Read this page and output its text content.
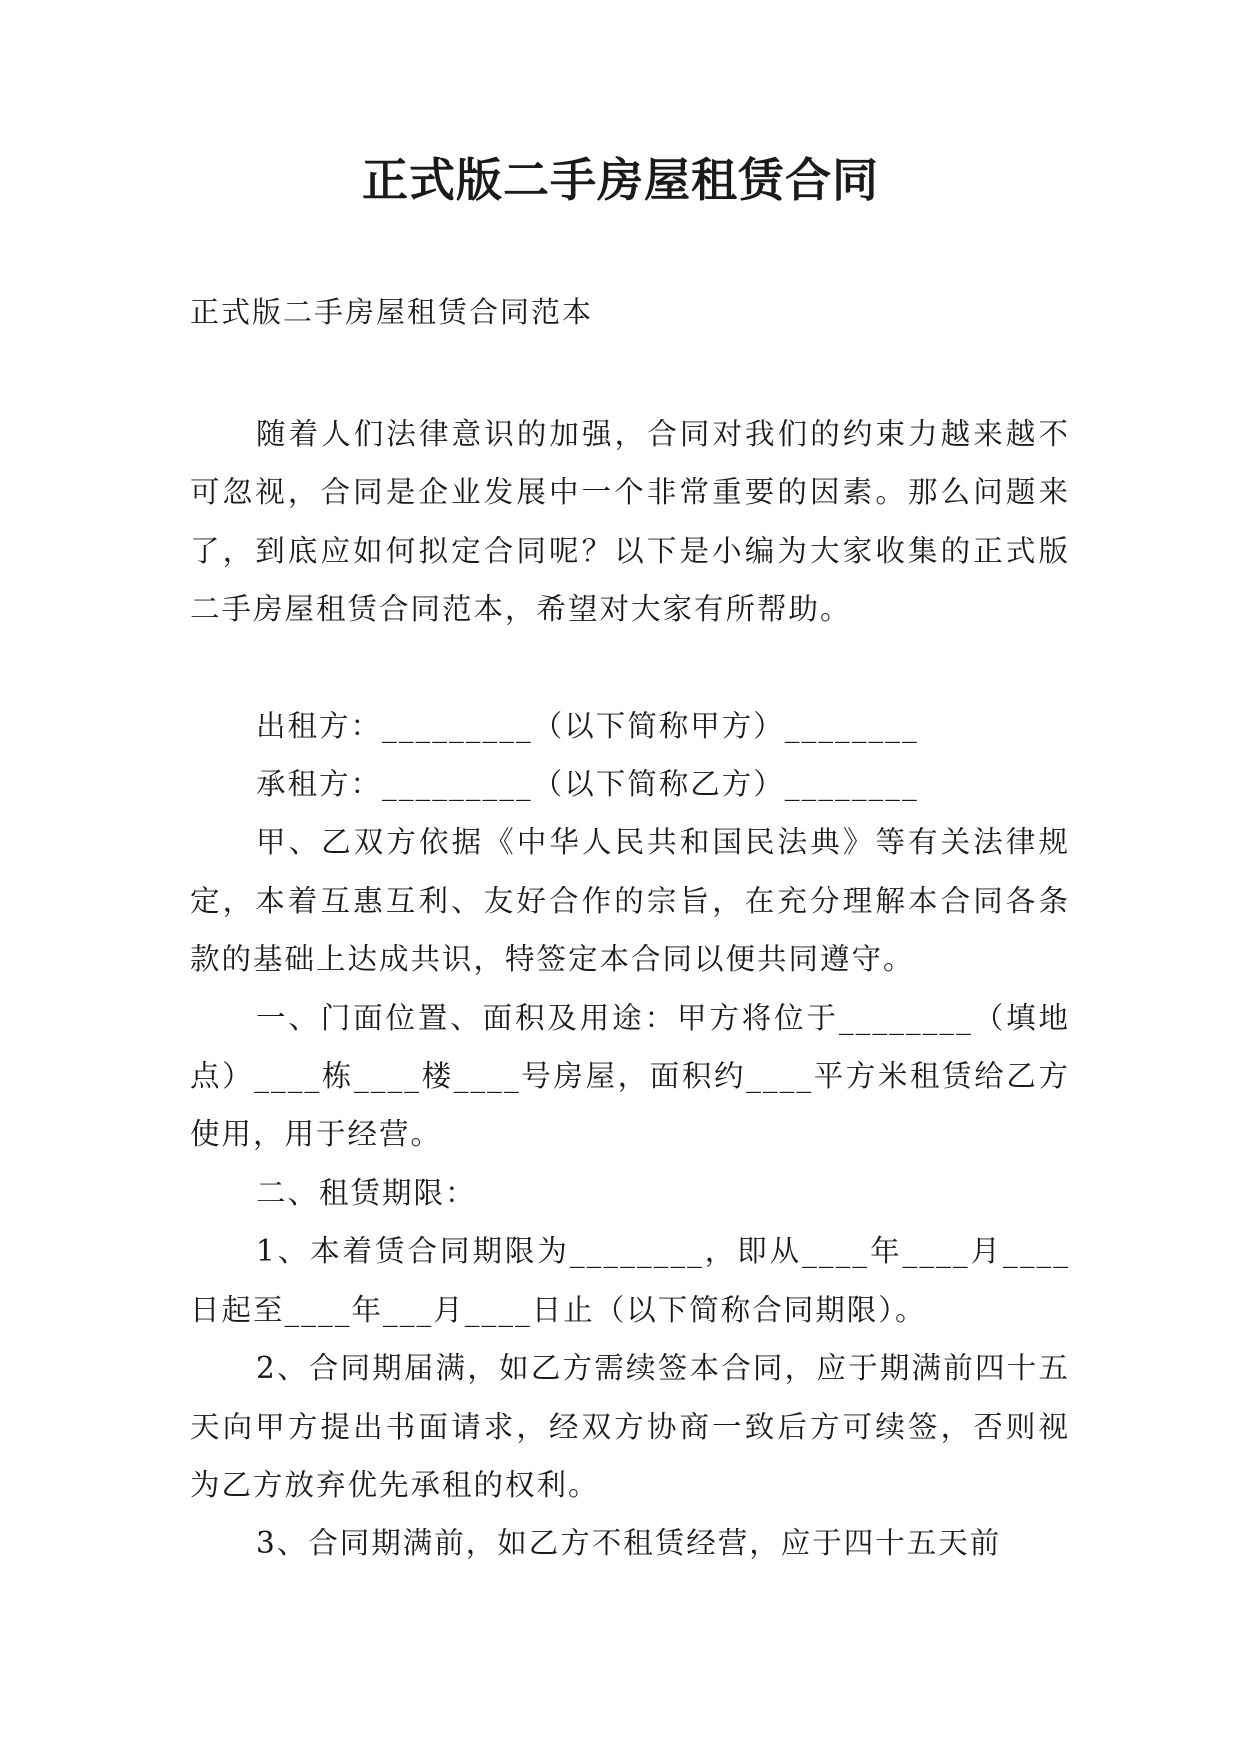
正式版二手房屋租赁合同

正式版二手房屋租赁合同范本

随着人们法律意识的加强，合同对我们的约束力越来越不可忽视，合同是企业发展中一个非常重要的因素。那么问题来了，到底应如何拟定合同呢？以下是小编为大家收集的正式版二手房屋租赁合同范本，希望对大家有所帮助。

出租方：_________（以下简称甲方）________

承租方：_________（以下简称乙方）________

甲、乙双方依据《中华人民共和国民法典》等有关法律规定，本着互惠互利、友好合作的宗旨，在充分理解本合同各条款的基础上达成共识，特签定本合同以便共同遵守。

一、门面位置、面积及用途：甲方将位于________（填地点）____栋____楼____号房屋，面积约____平方米租赁给乙方使用，用于经营。

二、租赁期限：

1、本着赁合同期限为________，即从____年____月____日起至____年___月____日止（以下简称合同期限）。

2、合同期届满，如乙方需续签本合同，应于期满前四十五天向甲方提出书面请求，经双方协商一致后方可续签，否则视为乙方放弃优先承租的权利。

3、合同期满前，如乙方不租赁经营，应于四十五天前
